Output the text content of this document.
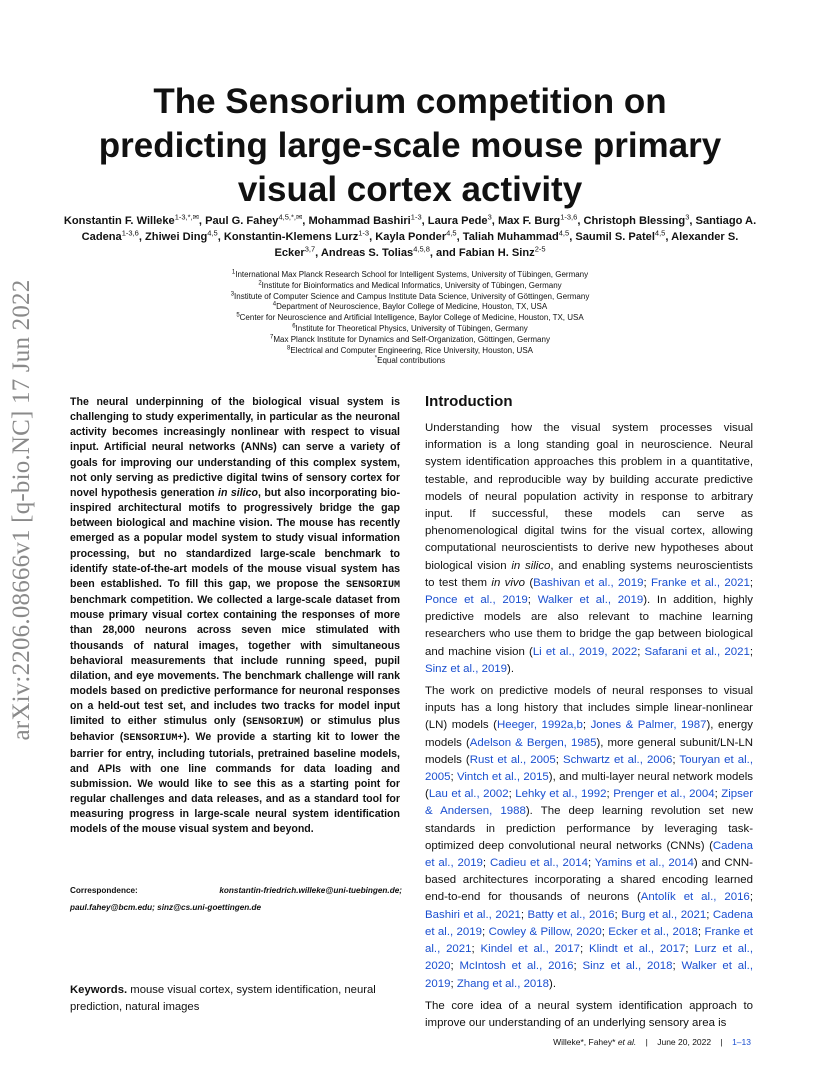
arXiv:2206.08666v1 [q-bio.NC] 17 Jun 2022
The Sensorium competition on predicting large-scale mouse primary visual cortex activity

Konstantin F. Willeke$^{1-3,*,✉}$, Paul G. Fahey$^{4,5,*,✉}$, Mohammad Bashiri$^{1-3}$, Laura Pede$^3$, Max F. Burg$^{1-3,6}$, Christoph Blessing$^3$, Santiago A. Cadena$^{1-3,6}$, Zhiwei Ding$^{4,5}$, Konstantin-Klemens Lurz$^{1-3}$, Kayla Ponder$^{4,5}$, Taliah Muhammad$^{4,5}$, Saumil S. Patel$^{4,5}$, Alexander S. Ecker$^{3,7}$, Andreas S. Tolias$^{4,5,8}$, and Fabian H. Sinz$^{2-5}$

$^1$International Max Planck Research School for Intelligent Systems, University of Tübingen, Germany
$^2$Institute for Bioinformatics and Medical Informatics, University of Tübingen, Germany
$^3$Institute of Computer Science and Campus Institute Data Science, University of Göttingen, Germany
$^4$Department of Neuroscience, Baylor College of Medicine, Houston, TX, USA
$^5$Center for Neuroscience and Artificial Intelligence, Baylor College of Medicine, Houston, TX, USA
$^6$Institute for Theoretical Physics, University of Tübingen, Germany
$^7$Max Planck Institute for Dynamics and Self-Organization, Göttingen, Germany
$^8$Electrical and Computer Engineering, Rice University, Houston, USA
*Equal contributions

The neural underpinning of the biological visual system is challenging to study experimentally, in particular as the neuronal activity becomes increasingly nonlinear with respect to visual input. Artificial neural networks (ANNs) can serve a variety of goals for improving our understanding of this complex system, not only serving as predictive digital twins of sensory cortex for novel hypothesis generation in silico, but also incorporating bio-inspired architectural motifs to progressively bridge the gap between biological and machine vision. The mouse has recently emerged as a popular model system to study visual information processing, but no standardized large-scale benchmark to identify state-of-the-art models of the mouse visual system has been established. To fill this gap, we propose the SENSORIUM benchmark competition. We collected a large-scale dataset from mouse primary visual cortex containing the responses of more than 28,000 neurons across seven mice stimulated with thousands of natural images, together with simultaneous behavioral measurements that include running speed, pupil dilation, and eye movements. The benchmark challenge will rank models based on predictive performance for neuronal responses on a held-out test set, and includes two tracks for model input limited to either stimulus only (SENSORIUM) or stimulus plus behavior (SENSORIUM+). We provide a starting kit to lower the barrier for entry, including tutorials, pretrained baseline models, and APIs with one line commands for data loading and submission. We would like to see this as a starting point for regular challenges and data releases, and as a standard tool for measuring progress in large-scale neural system identification models of the mouse visual system and beyond.

Correspondence:	konstantin-friedrich.willeke@uni-tuebingen.de;
paul.fahey@bcm.edu; sinz@cs.uni-goettingen.de

Keywords. mouse visual cortex, system identification, neural prediction, natural images

Introduction

Understanding how the visual system processes visual information is a long standing goal in neuroscience. Neural system identification approaches this problem in a quantitative, testable, and reproducible way by building accurate predictive models of neural population activity in response to arbitrary input. If successful, these models can serve as phenomenological digital twins for the visual cortex, allowing computational neuroscientists to derive new hypotheses about biological vision in silico, and enabling systems neuroscientists to test them in vivo (Bashivan et al., 2019; Franke et al., 2021; Ponce et al., 2019; Walker et al., 2019). In addition, highly predictive models are also relevant to machine learning researchers who use them to bridge the gap between biological and machine vision (Li et al., 2019, 2022; Safarani et al., 2021; Sinz et al., 2019).

The work on predictive models of neural responses to visual inputs has a long history that includes simple linear-nonlinear (LN) models (Heeger, 1992a,b; Jones & Palmer, 1987), energy models (Adelson & Bergen, 1985), more general subunit/LN-LN models (Rust et al., 2005; Schwartz et al., 2006; Touryan et al., 2005; Vintch et al., 2015), and multi-layer neural network models (Lau et al., 2002; Lehky et al., 1992; Prenger et al., 2004; Zipser & Andersen, 1988). The deep learning revolution set new standards in prediction performance by leveraging task-optimized deep convolutional neural networks (CNNs) (Cadena et al., 2019; Cadieu et al., 2014; Yamins et al., 2014) and CNN-based architectures incorporating a shared encoding learned end-to-end for thousands of neurons (Antolík et al., 2016; Bashiri et al., 2021; Batty et al., 2016; Burg et al., 2021; Cadena et al., 2019; Cowley & Pillow, 2020; Ecker et al., 2018; Franke et al., 2021; Kindel et al., 2017; Klindt et al., 2017; Lurz et al., 2020; McIntosh et al., 2016; Sinz et al., 2018; Walker et al., 2019; Zhang et al., 2018).

The core idea of a neural system identification approach to improve our understanding of an underlying sensory area is

Willeke*, Fahey* et al. | June 20, 2022 | 1–13
